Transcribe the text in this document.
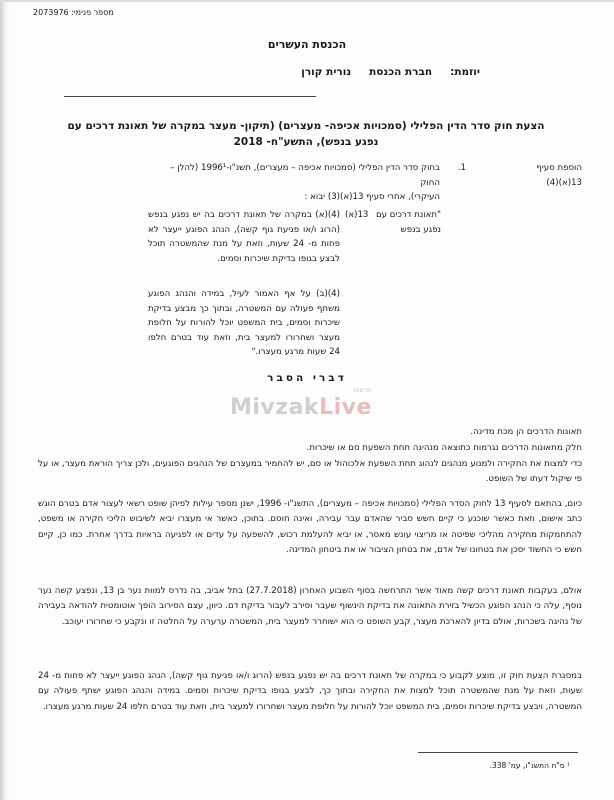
מספר פנימי: 2073976
הכנסת העשרים
יוזמת:
חברת הכנסת
נורית קורן
הצעת חוק סדר הדין הפלילי (סמכויות אכיפה- מעצרים) (תיקון- מעצר במקרה של תאונת דרכים עם
נפגע בנפש), התשע"ח- 2018
הוספת סעיף
13(א)(4)
1.
בחוק סדר הדין הפלילי (סמכויות אכיפה – מעצרים), תשנ"ו-1996¹ (להלן – החוק
העיקרי), אחרי סעיף 13(א)(3) יבוא :
"תאונת דרכים עם
13(א)
נפגע בנפש
(4)(א) במקרה של תאונת דרכים בה יש נפגע בנפש (הרוג ו/או פגיעת גוף קשה), הנהג הפוגע ייעצר לא פחות מ- 24 שעות, וזאת על מנת שהמשטרה תוכל לבצע בגופו בדיקת שיכרות וסמים.
(4)(ב) על אף האמור לעיל, במידה והנהג הפוגע משתף פעולה עם המשטרה, ובתוך כך מבצע בדיקת שיכרות וסמים, בית המשפט יוכל להורות על חלופת מעצר ושחרורו למעצר בית, וזאת עוד בטרם חלפו 24 שעות מרגע מעצרו."
חדשות
MivzakLive
דברי הסבר
תאונות הדרכים הן מכת מדינה.
חלק מתאונות הדרכים נגרמות כתוצאה מנהיגה תחת השפעת סם או שיכרות.
כדי למצות את החקירה ולמנוע מנהגים לנהוג תחת השפעת אלכוהול או סם, יש להחמיר במעצרם של הנהגים הפוגעים, ולכן צריך הוראת מעצר, או על פי שיקול דעתו של השופט.
כיום, בהתאם לסעיף 13 לחוק הסדר הפלילי (סמכויות אכיפה – מעצרים), התשנ"ו- 1996, ישנן מספר עילות לפיהן שופט רשאי לעצור אדם בטרם הוגש כתב אישום, וזאת כאשר שוכנע כי קיים חשש סביר שהאדם עבר עבירה, ואינה חוסם. בתוכן, כאשר אי מעצרו יביא לשיבוש הליכי חקירה או משפט, להתחמקות מחקירה מהליכי שפיטה או מריצוי עונש מאסר, או יביא להעלמת רכוש, להשפעה על עדים או לפגיעה בראיות בדרך אחרת. כמו כן, קיים חשש כי החשוד יסכן את בטחונו של אדם, את בטחון הציבור או את ביטחון המדינה.
אולם, בעקבות תאונת דרכים קשה מאוד אשר התרחשה בסוף השבוע האחרון (27.7.2018) בתל אביב, בה נדרס למוות נער בן 13, ונפצע קשה נער נוסף, עלה כי הנהג הפוגע הכשיל בזירת התאונה את בדיקת הינשוף שעבר וסירב לעבור בדיקת דם. כיוון, עצם הסירוב הופך אוטומטית להודאה בעבירה של נהיגה בשכרות, אולם בדיון להארכת מעצר, קבע השופט כי הוא ישוחרר למעצר בית, המשטרה ערערה על החלטה זו ונקבע כי שחרורו יעוכב.
במסגרת הצעת חוק זו, מוצע לקבוע כי במקרה של תאונת דרכים בה יש נפגע בנפש (הרוג ו/או פגיעת גוף קשה), הנהג הפוגע ייעצר לא פחות מ- 24 שעות, וזאת על מנת שהמשטרה תוכל למצות את החקירה ובתוך כך, לבצע בגופו בדיקת שיכרות וסמים. במידה והנהג הפוגע ישתף פעולה עם המשטרה, ויבצע בדיקת שיכרות וסמים, בית המשפט יוכל להורות על חלופת מעצר ושחרורו למעצר בית, וזאת עוד בטרם חלפו 24 שעות מרגע מעצרו.
¹ ס"ח התשנ"ו, עמ' 338.
